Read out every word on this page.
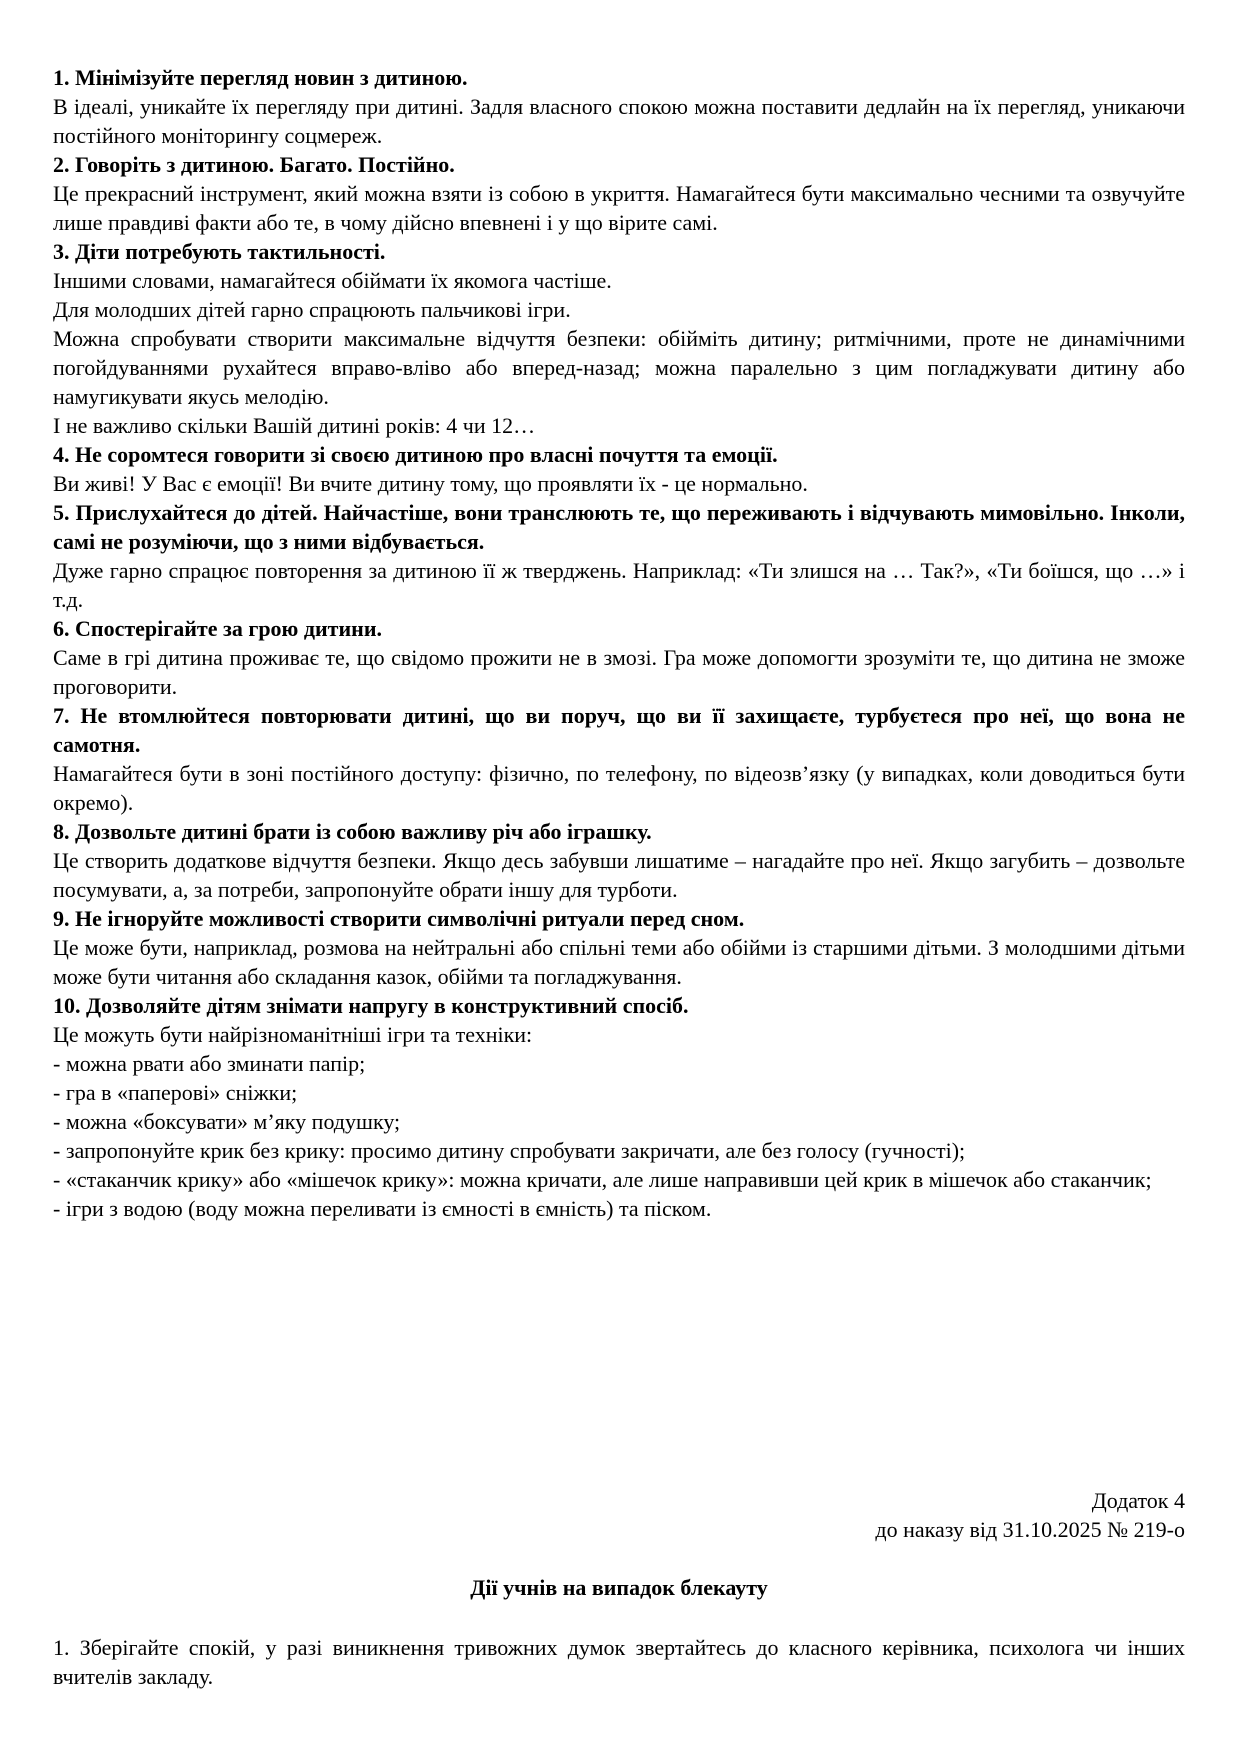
1. Мінімізуйте перегляд новин з дитиною.
В ідеалі, уникайте їх перегляду при дитині. Задля власного спокою можна поставити дедлайн на їх перегляд, уникаючи постійного моніторингу соцмереж.
2. Говоріть з дитиною. Багато. Постійно.
Це прекрасний інструмент, який можна взяти із собою в укриття. Намагайтеся бути максимально чесними та озвучуйте лише правдиві факти або те, в чому дійсно впевнені і у що вірите самі.
3. Діти потребують тактильності.
Іншими словами, намагайтеся обіймати їх якомога частіше.
Для молодших дітей гарно спрацюють пальчикові ігри.
Можна спробувати створити максимальне відчуття безпеки: обійміть дитину; ритмічними, проте не динамічними погойдуваннями рухайтеся вправо-вліво або вперед-назад; можна паралельно з цим погладжувати дитину або намугикувати якусь мелодію.
І не важливо скільки Вашій дитині років: 4 чи 12…
4. Не соромтеся говорити зі своєю дитиною про власні почуття та емоції.
Ви живі! У Вас є емоції! Ви вчите дитину тому, що проявляти їх - це нормально.
5. Прислухайтеся до дітей. Найчастіше, вони транслюють те, що переживають і відчувають мимовільно. Інколи, самі не розуміючи, що з ними відбувається.
Дуже гарно спрацює повторення за дитиною її ж тверджень. Наприклад: «Ти злишся на … Так?», «Ти боїшся, що …» і т.д.
6. Спостерігайте за грою дитини.
Саме в грі дитина проживає те, що свідомо прожити не в змозі. Гра може допомогти зрозуміти те, що дитина не зможе проговорити.
7. Не втомлюйтеся повторювати дитині, що ви поруч, що ви її захищаєте, турбуєтеся про неї, що вона не самотня.
Намагайтеся бути в зоні постійного доступу: фізично, по телефону, по відеозв’язку (у випадках, коли доводиться бути окремо).
8. Дозвольте дитині брати із собою важливу річ або іграшку.
Це створить додаткове відчуття безпеки. Якщо десь забувши лишатиме – нагадайте про неї. Якщо загубить – дозвольте посумувати, а, за потреби, запропонуйте обрати іншу для турботи.
9. Не ігноруйте можливості створити символічні ритуали перед сном.
Це може бути, наприклад, розмова на нейтральні або спільні теми або обійми із старшими дітьми. З молодшими дітьми може бути читання або складання казок, обійми та погладжування.
10. Дозволяйте дітям знімати напругу в конструктивний спосіб.
Це можуть бути найрізноманітніші ігри та техніки:
- можна рвати або зминати папір;
- гра в «паперові» сніжки;
- можна «боксувати» м’яку подушку;
- запропонуйте крик без крику: просимо дитину спробувати закричати, але без голосу (гучності);
- «стаканчик крику» або «мішечок крику»: можна кричати, але лише направивши цей крик в мішечок або стаканчик;
- ігри з водою (воду можна переливати із ємності в ємність) та піском.
Додаток 4
до наказу від 31.10.2025 № 219-о
Дії учнів на випадок блекауту
1. Зберігайте спокій, у разі виникнення тривожних думок звертайтесь до класного керівника, психолога чи інших вчителів закладу.
